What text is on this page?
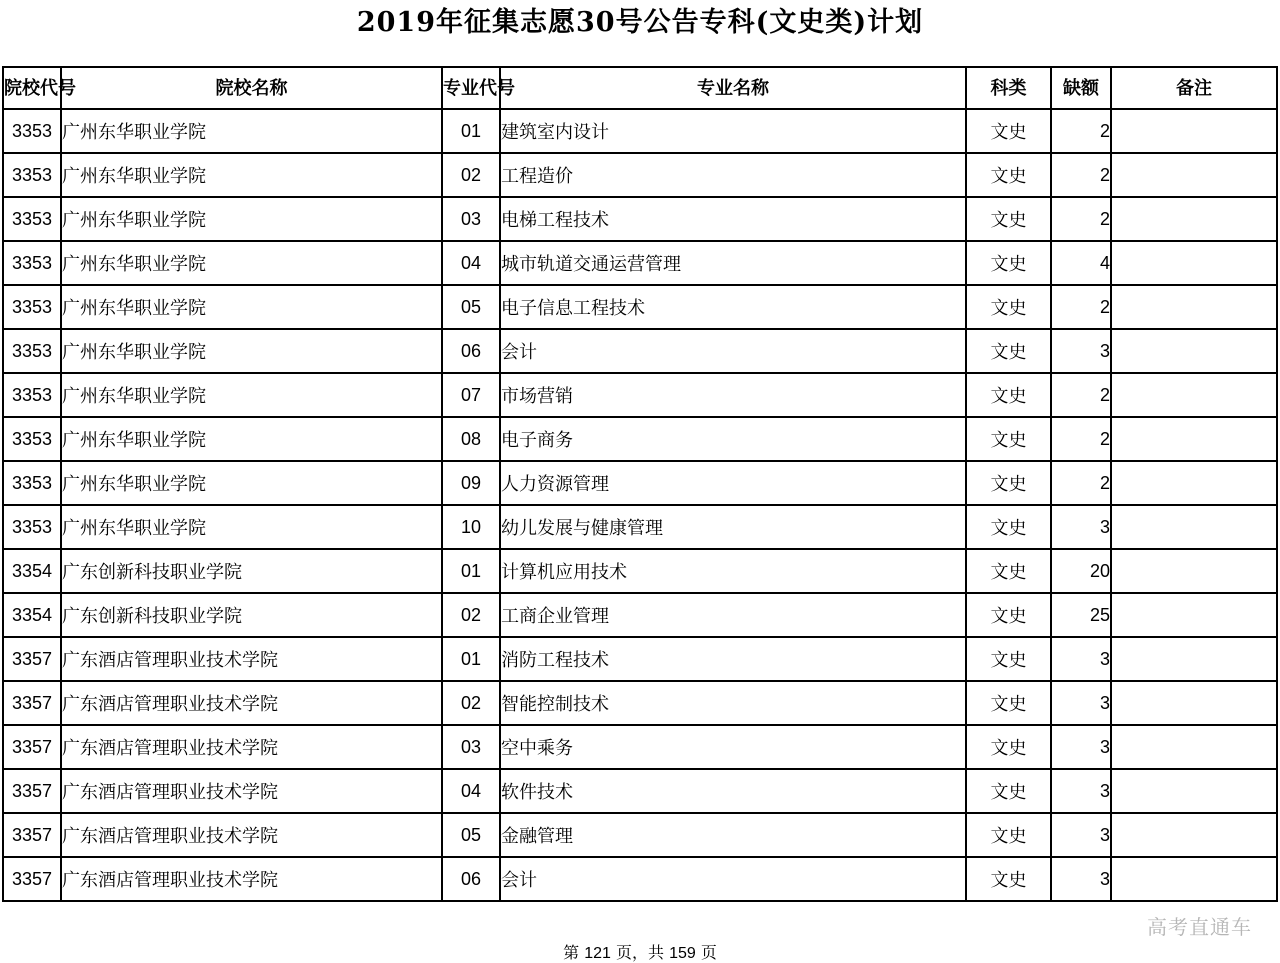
2019年征集志愿30号公告专科(文史类)计划
院校代号	院校名称	专业代号	专业名称	科类	缺额	备注
3353	广州东华职业学院	01	建筑室内设计	文史	2	
3353	广州东华职业学院	02	工程造价	文史	2	
3353	广州东华职业学院	03	电梯工程技术	文史	2	
3353	广州东华职业学院	04	城市轨道交通运营管理	文史	4	
3353	广州东华职业学院	05	电子信息工程技术	文史	2	
3353	广州东华职业学院	06	会计	文史	3	
3353	广州东华职业学院	07	市场营销	文史	2	
3353	广州东华职业学院	08	电子商务	文史	2	
3353	广州东华职业学院	09	人力资源管理	文史	2	
3353	广州东华职业学院	10	幼儿发展与健康管理	文史	3	
3354	广东创新科技职业学院	01	计算机应用技术	文史	20	
3354	广东创新科技职业学院	02	工商企业管理	文史	25	
3357	广东酒店管理职业技术学院	01	消防工程技术	文史	3	
3357	广东酒店管理职业技术学院	02	智能控制技术	文史	3	
3357	广东酒店管理职业技术学院	03	空中乘务	文史	3	
3357	广东酒店管理职业技术学院	04	软件技术	文史	3	
3357	广东酒店管理职业技术学院	05	金融管理	文史	3	
3357	广东酒店管理职业技术学院	06	会计	文史	3	
高考直通车
第 121 页，共 159 页
